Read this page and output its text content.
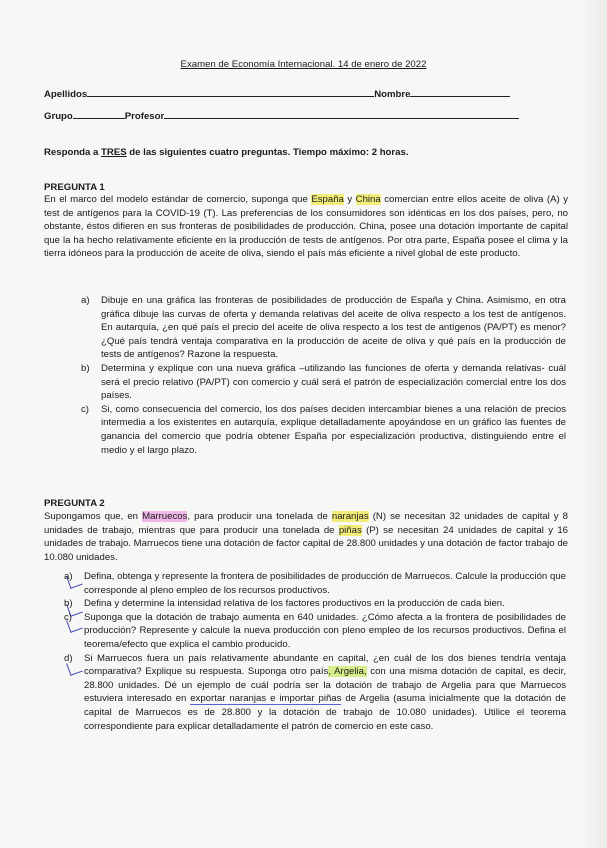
Examen de Economía Internacional. 14 de enero de 2022
Apellidos	Nombre
Grupo	Profesor
Responda a TRES de las siguientes cuatro preguntas. Tiempo máximo: 2 horas.
PREGUNTA 1
En el marco del modelo estándar de comercio, suponga que España y China comercian entre ellos aceite de oliva (A) y test de antígenos para la COVID-19 (T). Las preferencias de los consumidores son idénticas en los dos países, pero, no obstante, éstos difieren en sus fronteras de posibilidades de producción. China, posee una dotación importante de capital que la ha hecho relativamente eficiente en la producción de tests de antígenos. Por otra parte, España posee el clima y la tierra idóneos para la producción de aceite de oliva, siendo el país más eficiente a nivel global de este producto.
a) Dibuje en una gráfica las fronteras de posibilidades de producción de España y China. Asimismo, en otra gráfica dibuje las curvas de oferta y demanda relativas del aceite de oliva respecto a los test de antígenos. En autarquía, ¿en qué país el precio del aceite de oliva respecto a los test de antígenos (PA/PT) es menor? ¿Qué país tendrá ventaja comparativa en la producción de aceite de oliva y qué país en la producción de tests de antígenos? Razone la respuesta.
b) Determina y explique con una nueva gráfica –utilizando las funciones de oferta y demanda relativas- cuál será el precio relativo (PA/PT) con comercio y cuál será el patrón de especialización comercial entre los dos países.
c) Si, como consecuencia del comercio, los dos países deciden intercambiar bienes a una relación de precios intermedia a los existentes en autarquía, explique detalladamente apoyándose en un gráfico las fuentes de ganancia del comercio que podría obtener España por especialización productiva, distinguiendo entre el medio y el largo plazo.
PREGUNTA 2
Supongamos que, en Marruecos, para producir una tonelada de naranjas (N) se necesitan 32 unidades de capital y 8 unidades de trabajo, mientras que para producir una tonelada de piñas (P) se necesitan 24 unidades de capital y 16 unidades de trabajo. Marruecos tiene una dotación de factor capital de 28.800 unidades y una dotación de factor trabajo de 10.080 unidades.
a) Defina, obtenga y represente la frontera de posibilidades de producción de Marruecos. Calcule la producción que corresponde al pleno empleo de los recursos productivos.
b) Defina y determine la intensidad relativa de los factores productivos en la producción de cada bien.
c) Suponga que la dotación de trabajo aumenta en 640 unidades. ¿Cómo afecta a la frontera de posibilidades de producción? Represente y calcule la nueva producción con pleno empleo de los recursos productivos. Defina el teorema/efecto que explica el cambio producido.
d) Si Marruecos fuera un país relativamente abundante en capital, ¿en cuál de los dos bienes tendría ventaja comparativa? Explique su respuesta. Suponga otro país, Argelia, con una misma dotación de capital, es decir, 28.800 unidades. Dé un ejemplo de cuál podría ser la dotación de trabajo de Argelia para que Marruecos estuviera interesado en exportar naranjas e importar piñas de Argelia (asuma inicialmente que la dotación de capital de Marruecos es de 28.800 y la dotación de trabajo de 10.080 unidades). Utilice el teorema correspondiente para explicar detalladamente el patrón de comercio en este caso.
